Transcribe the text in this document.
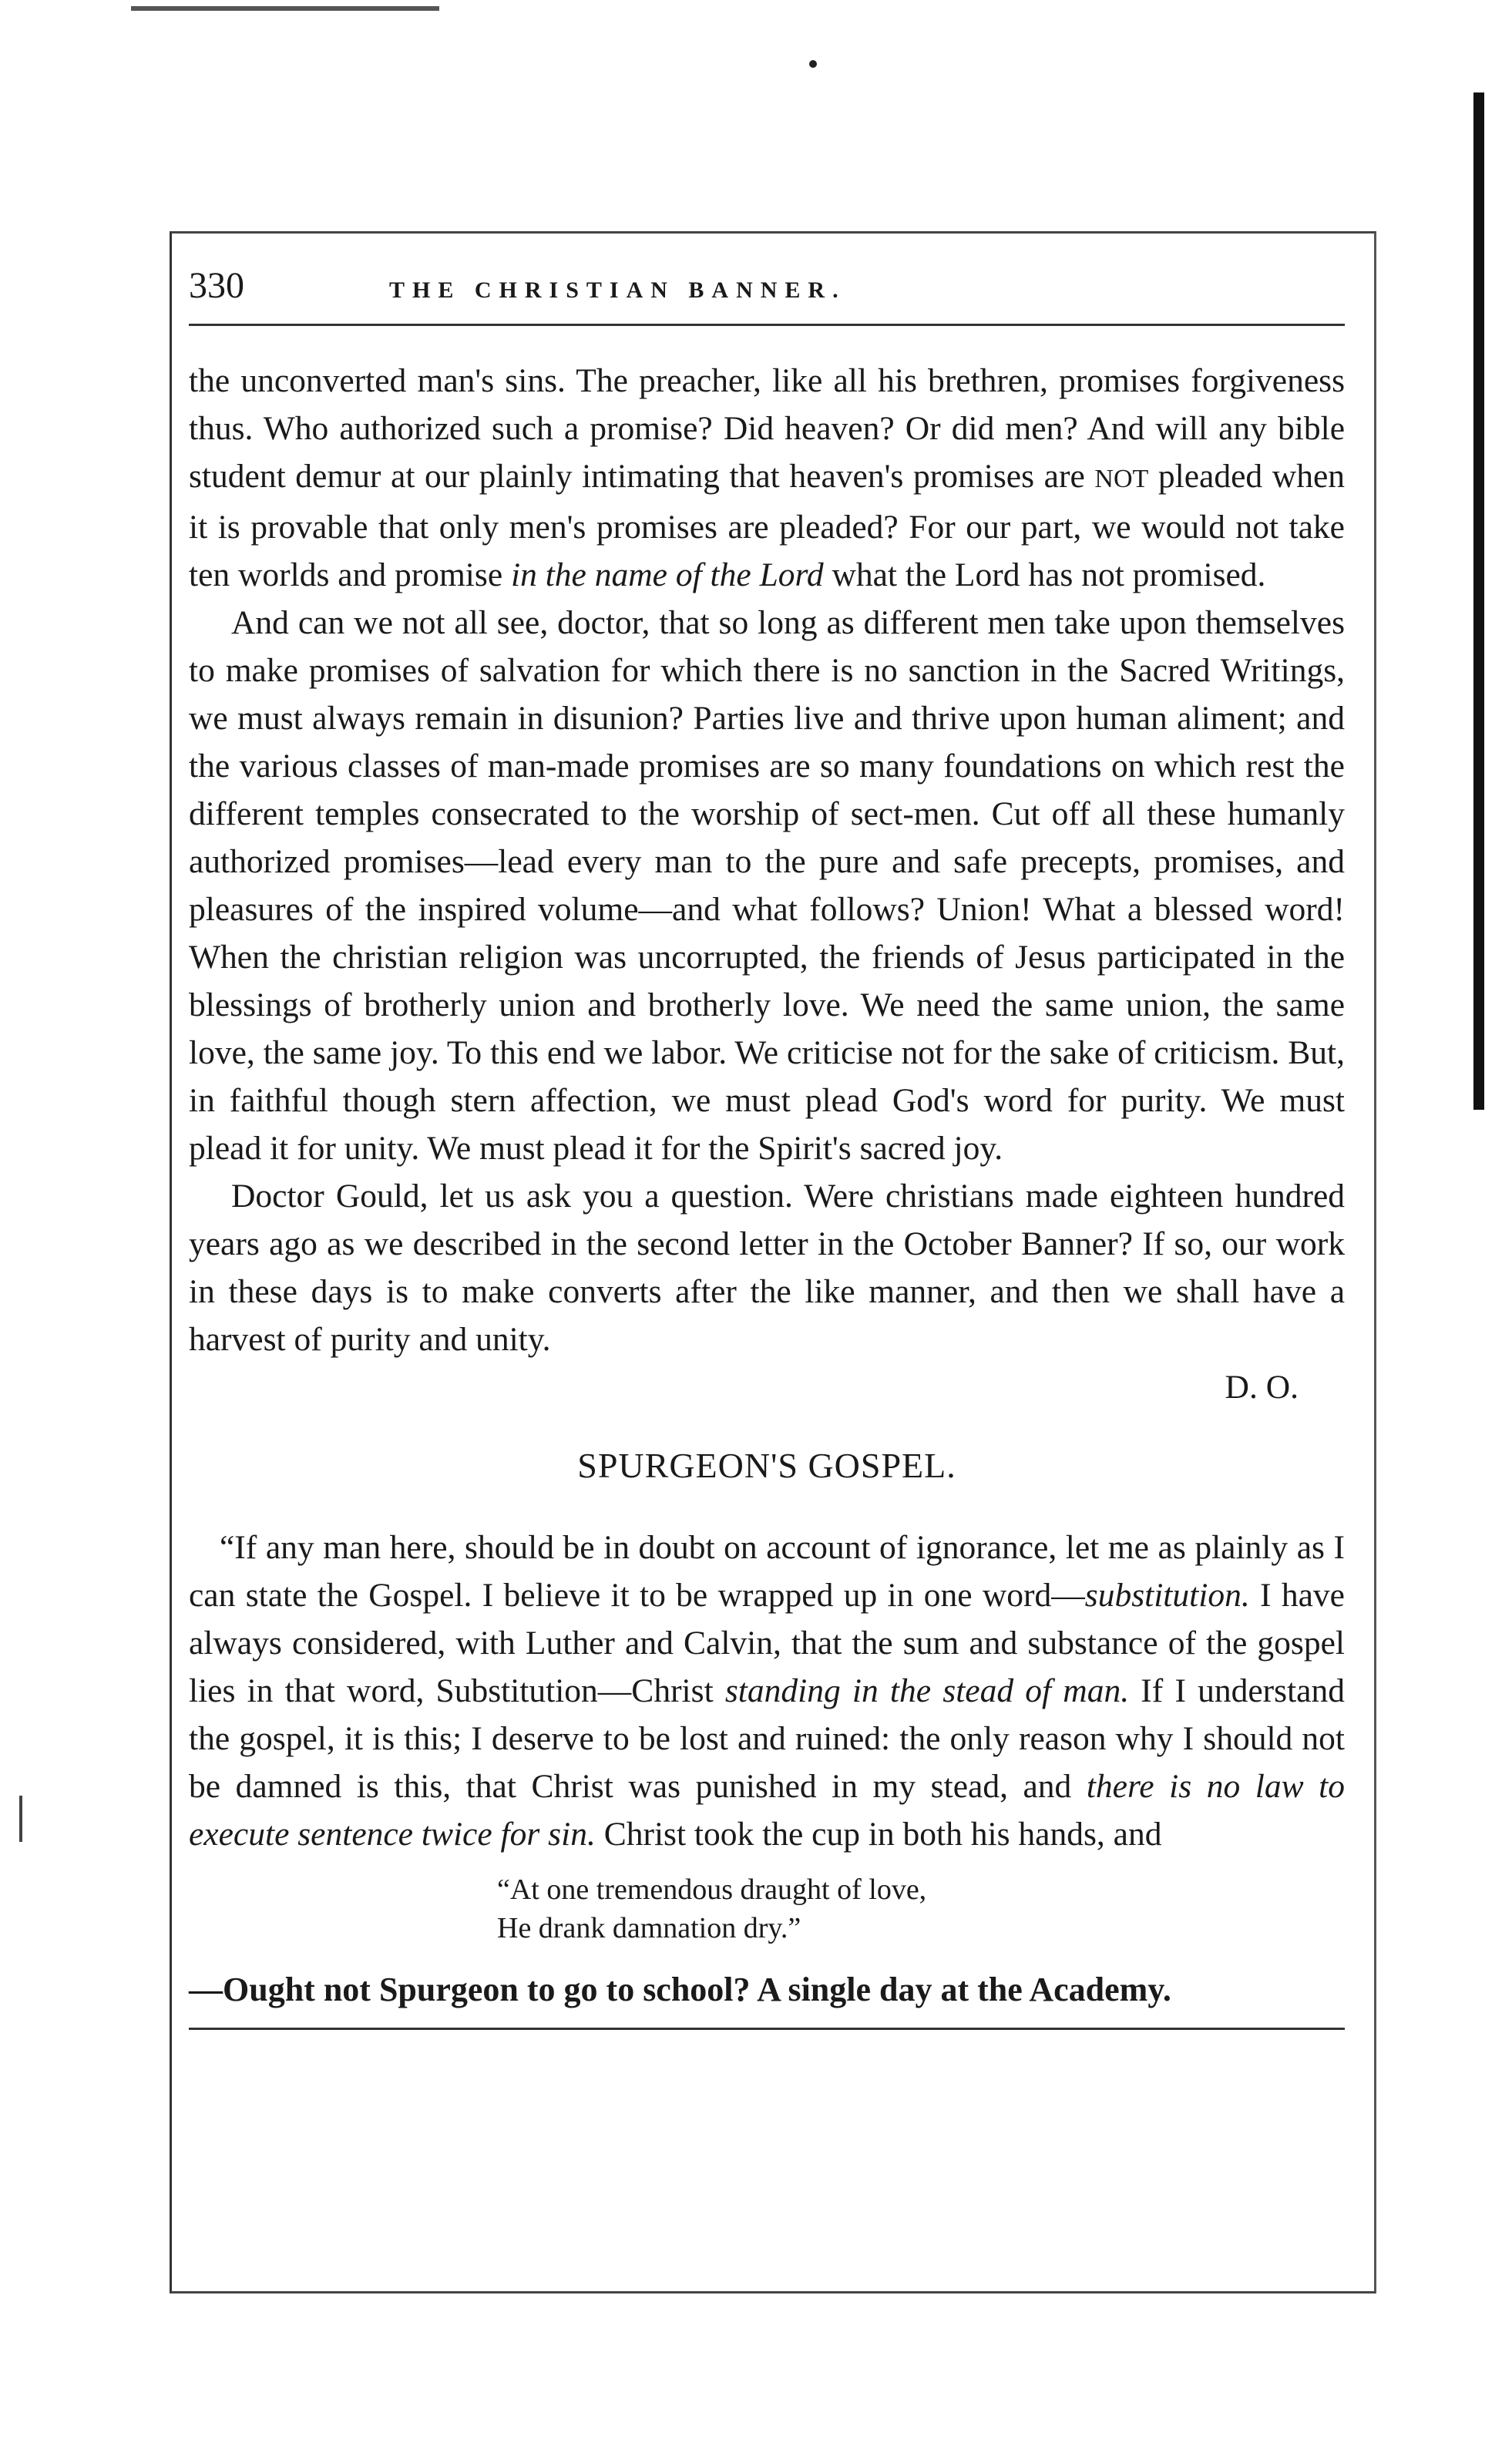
330	THE CHRISTIAN BANNER.

the unconverted man's sins. The preacher, like all his brethren, promises forgiveness thus. Who authorized such a promise? Did heaven? Or did men? And will any bible student demur at our plainly intimating that heaven's promises are NOT pleaded when it is provable that only men's promises are pleaded? For our part, we would not take ten worlds and promise in the name of the Lord what the Lord has not promised.

And can we not all see, doctor, that so long as different men take upon themselves to make promises of salvation for which there is no sanction in the Sacred Writings, we must always remain in disunion? Parties live and thrive upon human aliment; and the various classes of man-made promises are so many foundations on which rest the different temples consecrated to the worship of sect-men. Cut off all these humanly authorized promises—lead every man to the pure and safe precepts, promises, and pleasures of the inspired volume—and what follows? Union! What a blessed word! When the christian religion was uncorrupted, the friends of Jesus participated in the blessings of brotherly union and brotherly love. We need the same union, the same love, the same joy. To this end we labor. We criticise not for the sake of criticism. But, in faithful though stern affection, we must plead God's word for purity. We must plead it for unity. We must plead it for the Spirit's sacred joy.

Doctor Gould, let us ask you a question. Were christians made eighteen hundred years ago as we described in the second letter in the October Banner? If so, our work in these days is to make converts after the like manner, and then we shall have a harvest of purity and unity.

D. O.
SPURGEON'S GOSPEL.

“If any man here, should be in doubt on account of ignorance, let me as plainly as I can state the Gospel. I believe it to be wrapped up in one word—substitution. I have always considered, with Luther and Calvin, that the sum and substance of the gospel lies in that word, Substitution—Christ standing in the stead of man. If I understand the gospel, it is this; I deserve to be lost and ruined: the only reason why I should not be damned is this, that Christ was punished in my stead, and there is no law to execute sentence twice for sin. Christ took the cup in both his hands, and

“At one tremendous draught of love,
He drank damnation dry.”
—Ought not Spurgeon to go to school? A single day at the Academy.
